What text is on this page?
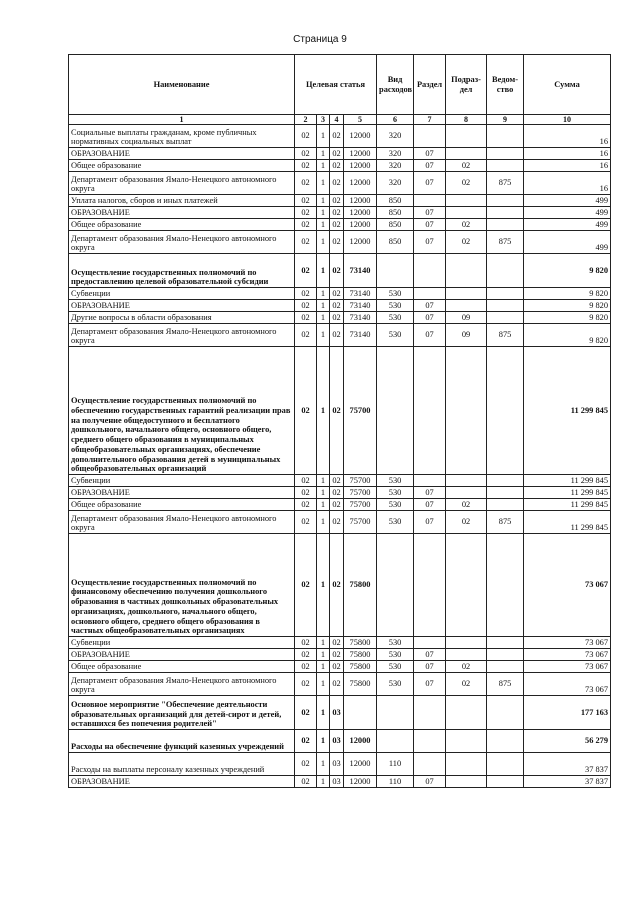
Страница 9
Наименование	Целевая статья				Вид расходов	Раздел	Подраз-дел	Ведом-ство	Сумма
1	2	3	4	5	6	7	8	9	10
Социальные выплаты гражданам, кроме публичных нормативных социальных выплат	02	1	02	12000	320				16
ОБРАЗОВАНИЕ	02	1	02	12000	320	07			16
Общее образование	02	1	02	12000	320	07	02		16
Департамент образования Ямало-Ненецкого автономного округа	02	1	02	12000	320	07	02	875	16
Уплата налогов, сборов и иных платежей	02	1	02	12000	850				499
ОБРАЗОВАНИЕ	02	1	02	12000	850	07			499
Общее образование	02	1	02	12000	850	07	02		499
Департамент образования Ямало-Ненецкого автономного округа	02	1	02	12000	850	07	02	875	499
Осуществление государственных полномочий по предоставлению целевой образовательной субсидии	02	1	02	73140					9 820
Субвенции	02	1	02	73140	530				9 820
ОБРАЗОВАНИЕ	02	1	02	73140	530	07			9 820
Другие вопросы в области образования	02	1	02	73140	530	07	09		9 820
Департамент образования Ямало-Ненецкого автономного округа	02	1	02	73140	530	07	09	875	9 820
Осуществление государственных полномочий по обеспечению государственных гарантий реализации прав на получение общедоступного и бесплатного дошкольного, начального общего, основного общего, среднего общего образования в муниципальных общеобразовательных организациях, обеспечение дополнительного образования детей в муниципальных общеобразовательных организаций	02	1	02	75700					11 299 845
Субвенции	02	1	02	75700	530				11 299 845
ОБРАЗОВАНИЕ	02	1	02	75700	530	07			11 299 845
Общее образование	02	1	02	75700	530	07	02		11 299 845
Департамент образования Ямало-Ненецкого автономного округа	02	1	02	75700	530	07	02	875	11 299 845
Осуществление государственных полномочий по финансовому обеспечению получения дошкольного образования в частных дошкольных образовательных организациях, дошкольного, начального общего, основного общего, среднего общего образования в частных общеобразовательных организациях	02	1	02	75800					73 067
Субвенции	02	1	02	75800	530				73 067
ОБРАЗОВАНИЕ	02	1	02	75800	530	07			73 067
Общее образование	02	1	02	75800	530	07	02		73 067
Департамент образования Ямало-Ненецкого автономного округа	02	1	02	75800	530	07	02	875	73 067
Основное мероприятие "Обеспечение деятельности образовательных организаций для детей-сирот и детей, оставшихся без попечения родителей"	02	1	03						177 163
Расходы на обеспечение функций казенных учреждений	02	1	03	12000					56 279
Расходы на выплаты персоналу казенных учреждений	02	1	03	12000	110				37 837
ОБРАЗОВАНИЕ	02	1	03	12000	110	07			37 837
